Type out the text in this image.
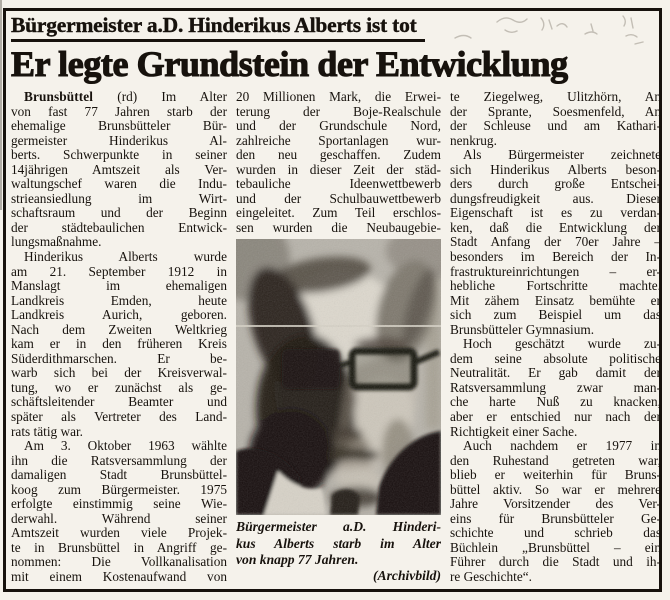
Bürgermeister a.D. Hinderikus Alberts ist tot
Er legte Grundstein der Entwicklung
Brunsbüttel (rd) Im Alter
von fast 77 Jahren starb der
ehemalige Brunsbütteler Bür-
germeister Hinderikus Al-
berts. Schwerpunkte in seiner
14jährigen Amtszeit als Ver-
waltungschef waren die Indu-
strieansiedlung im Wirt-
schaftsraum und der Beginn
der städtebaulichen Entwick-
lungsmaßnahme.
Hinderikus Alberts wurde
am 21. September 1912 in
Manslagt im ehemaligen
Landkreis Emden, heute
Landkreis Aurich, geboren.
Nach dem Zweiten Weltkrieg
kam er in den früheren Kreis
Süderdithmarschen. Er be-
warb sich bei der Kreisverwal-
tung, wo er zunächst als ge-
schäftsleitender Beamter und
später als Vertreter des Land-
rats tätig war.
Am 3. Oktober 1963 wählte
ihn die Ratsversammlung der
damaligen Stadt Brunsbüttel-
koog zum Bürgermeister. 1975
erfolgte einstimmig seine Wie-
derwahl. Während seiner
Amtszeit wurden viele Projek-
te in Brunsbüttel in Angriff ge-
nommen: Die Vollkanalisation
mit einem Kostenaufwand von
20 Millionen Mark, die Erwei-
terung der Boje-Realschule
und der Grundschule Nord,
zahlreiche Sportanlagen wur-
den neu geschaffen. Zudem
wurden in dieser Zeit der städ-
tebauliche Ideenwettbewerb
und der Schulbauwettbewerb
eingeleitet. Zum Teil erschlos-
sen wurden die Neubaugebie-
Bürgermeister a.D. Hinderi-
kus Alberts starb im Alter
von knapp 77 Jahren.
(Archivbild)
te Ziegelweg, Ulitzhörn, An
der Sprante, Soesmenfeld, An
der Schleuse und am Kathari-
nenkrug.
Als Bürgermeister zeichnete
sich Hinderikus Alberts beson-
ders durch große Entschei-
dungsfreudigkeit aus. Dieser
Eigenschaft ist es zu verdan-
ken, daß die Entwicklung der
Stadt Anfang der 70er Jahre –
besonders im Bereich der In-
frastruktureinrichtungen – er-
hebliche Fortschritte machte.
Mit zähem Einsatz bemühte er
sich zum Beispiel um das
Brunsbütteler Gymnasium.
Hoch geschätzt wurde zu-
dem seine absolute politische
Neutralität. Er gab damit der
Ratsversammlung zwar man-
che harte Nuß zu knacken,
aber er entschied nur nach der
Richtigkeit einer Sache.
Auch nachdem er 1977 in
den Ruhestand getreten war,
blieb er weiterhin für Bruns-
büttel aktiv. So war er mehrere
Jahre Vorsitzender des Ver-
eins für Brunsbütteler Ge-
schichte und schrieb das
Büchlein „Brunsbüttel – ein
Führer durch die Stadt und ih-
re Geschichte“.
